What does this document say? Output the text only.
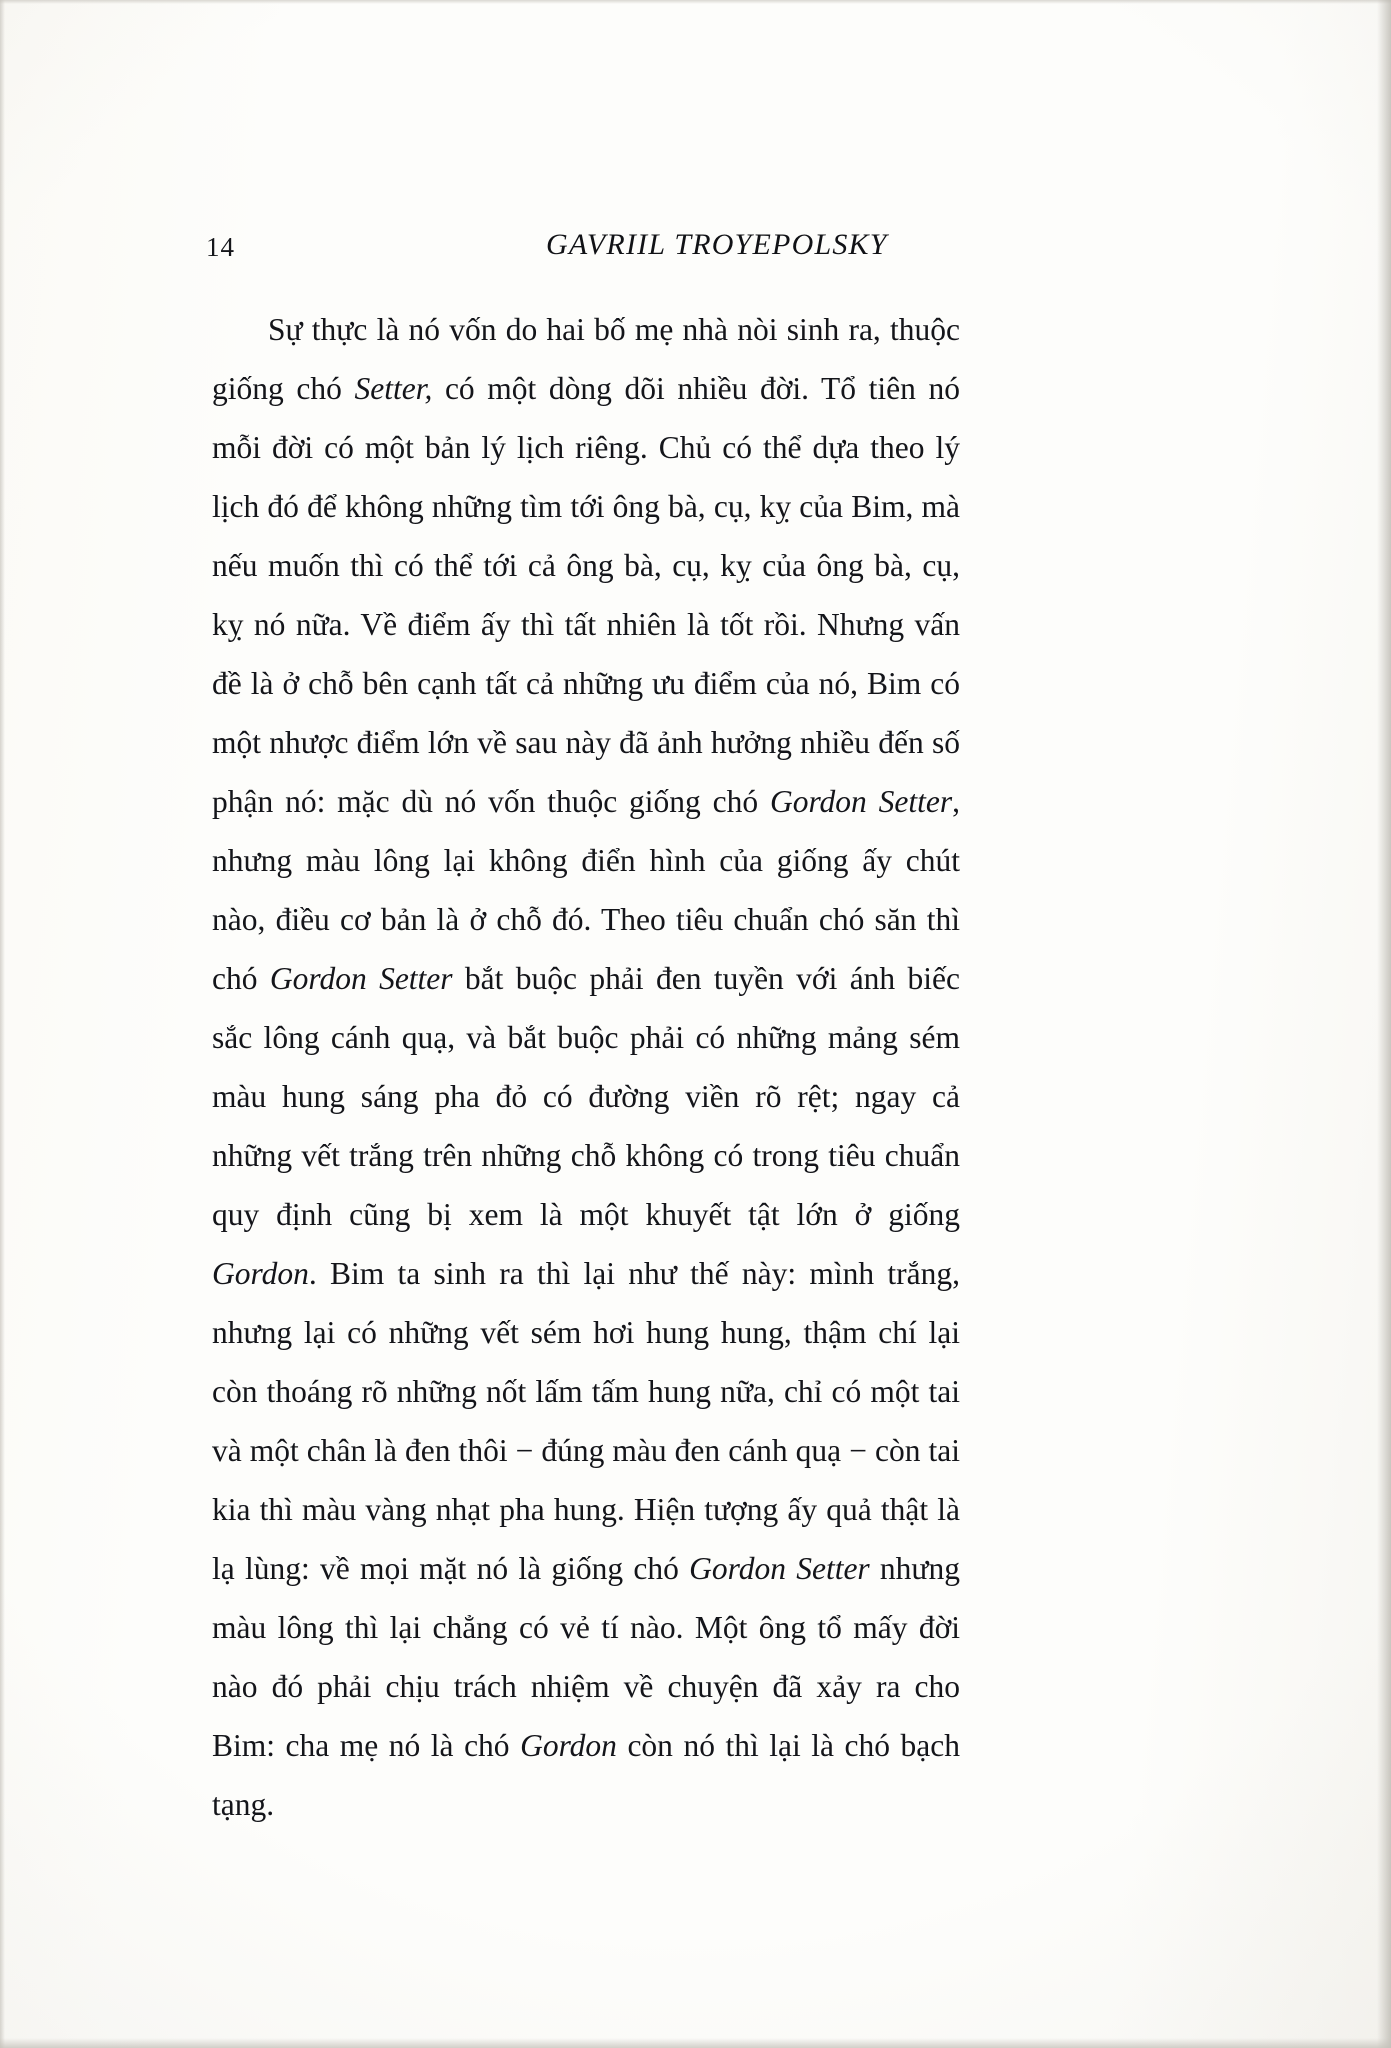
14	GAVRIIL TROYEPOLSKY

Sự thực là nó vốn do hai bố mẹ nhà nòi sinh ra, thuộc giống chó Setter, có một dòng dõi nhiều đời. Tổ tiên nó mỗi đời có một bản lý lịch riêng. Chủ có thể dựa theo lý lịch đó để không những tìm tới ông bà, cụ, kỵ của Bim, mà nếu muốn thì có thể tới cả ông bà, cụ, kỵ của ông bà, cụ, kỵ nó nữa. Về điểm ấy thì tất nhiên là tốt rồi. Nhưng vấn đề là ở chỗ bên cạnh tất cả những ưu điểm của nó, Bim có một nhược điểm lớn về sau này đã ảnh hưởng nhiều đến số phận nó: mặc dù nó vốn thuộc giống chó Gordon Setter, nhưng màu lông lại không điển hình của giống ấy chút nào, điều cơ bản là ở chỗ đó. Theo tiêu chuẩn chó săn thì chó Gordon Setter bắt buộc phải đen tuyền với ánh biếc sắc lông cánh quạ, và bắt buộc phải có những mảng sém màu hung sáng pha đỏ có đường viền rõ rệt; ngay cả những vết trắng trên những chỗ không có trong tiêu chuẩn quy định cũng bị xem là một khuyết tật lớn ở giống Gordon. Bim ta sinh ra thì lại như thế này: mình trắng, nhưng lại có những vết sém hơi hung hung, thậm chí lại còn thoáng rõ những nốt lấm tấm hung nữa, chỉ có một tai và một chân là đen thôi − đúng màu đen cánh quạ − còn tai kia thì màu vàng nhạt pha hung. Hiện tượng ấy quả thật là lạ lùng: về mọi mặt nó là giống chó Gordon Setter nhưng màu lông thì lại chẳng có vẻ tí nào. Một ông tổ mấy đời nào đó phải chịu trách nhiệm về chuyện đã xảy ra cho Bim: cha mẹ nó là chó Gordon còn nó thì lại là chó bạch tạng.
